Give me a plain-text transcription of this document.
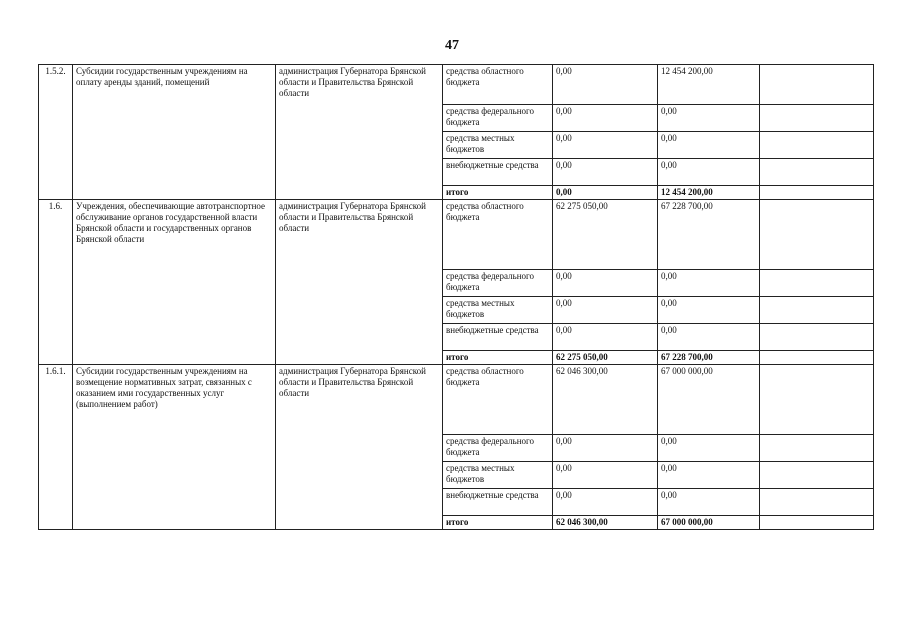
47
1.5.2.	Субсидии государственным учреждениям на оплату аренды зданий, помещений	администрация Губернатора Брянской области и Правительства Брянской области	средства областного бюджета	0,00	12 454 200,00	
			средства федерального бюджета	0,00	0,00	
			средства местных бюджетов	0,00	0,00	
			внебюджетные средства	0,00	0,00	
			итого	0,00	12 454 200,00	
1.6.	Учреждения, обеспечивающие автотранспортное обслуживание органов государственной власти Брянской области и государственных органов Брянской области	администрация Губернатора Брянской области и Правительства Брянской области	средства областного бюджета	62 275 050,00	67 228 700,00	
			средства федерального бюджета	0,00	0,00	
			средства местных бюджетов	0,00	0,00	
			внебюджетные средства	0,00	0,00	
			итого	62 275 050,00	67 228 700,00	
1.6.1.	Субсидии государственным учреждениям на возмещение нормативных затрат, связанных с оказанием ими государственных услуг (выполнением работ)	администрация Губернатора Брянской области и Правительства Брянской области	средства областного бюджета	62 046 300,00	67 000 000,00	
			средства федерального бюджета	0,00	0,00	
			средства местных бюджетов	0,00	0,00	
			внебюджетные средства	0,00	0,00	
			итого	62 046 300,00	67 000 000,00	
